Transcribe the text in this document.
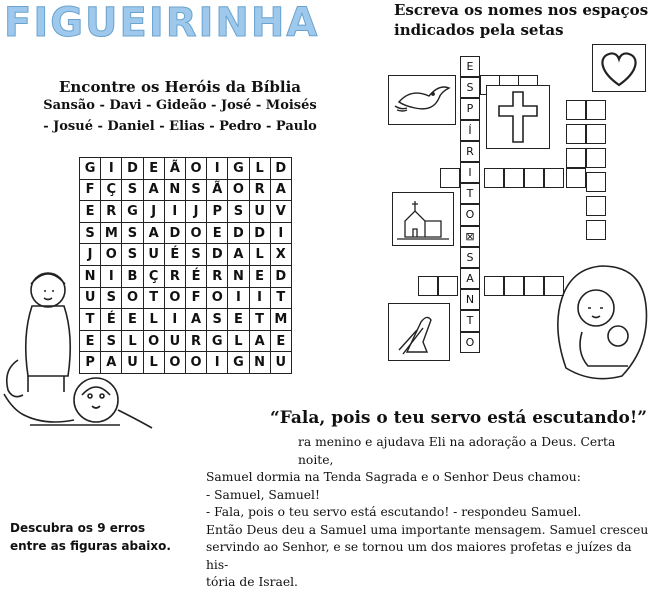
FIGUEIRINHA	Escreva os nomes nos espaços
indicados pela setas
Encontre os Heróis da Bíblia
Sansão - Davi - Gideão - José - Moisés
- Josué - Daniel - Elias - Pedro - Paulo
G	I	D	E	Ã	O	I	G	L	D
F	Ç	S	A	N	S	Ã	O	R	A
E	R	G	J	I	J	P	S	U	V
S	M	S	A	D	O	E	D	D	I
J	O	S	U	É	S	D	A	L	X
N	I	B	Ç	R	É	R	N	E	D
U	S	O	T	O	F	O	I	I	T
T	É	E	L	I	A	S	E	T	M
E	S	L	O	U	R	G	L	A	E
P	A	U	L	O	O	I	G	N	U
E
S
P
Í
R
I
T
O
⊠
S
A
N
T
O
“Fala, pois o teu servo está escutando!”

ra menino e ajudava Eli na adoração a Deus. Certa noite,

Samuel dormia na Tenda Sagrada e o Senhor Deus chamou:

- Samuel, Samuel!

- Fala, pois o teu servo está escutando! - respondeu Samuel.

Então Deus deu a Samuel uma importante mensagem. Samuel cresceu

servindo ao Senhor, e se tornou um dos maiores profetas e juízes da his-

tória de Israel.

Descubra os 9 erros
entre as figuras abaixo.
